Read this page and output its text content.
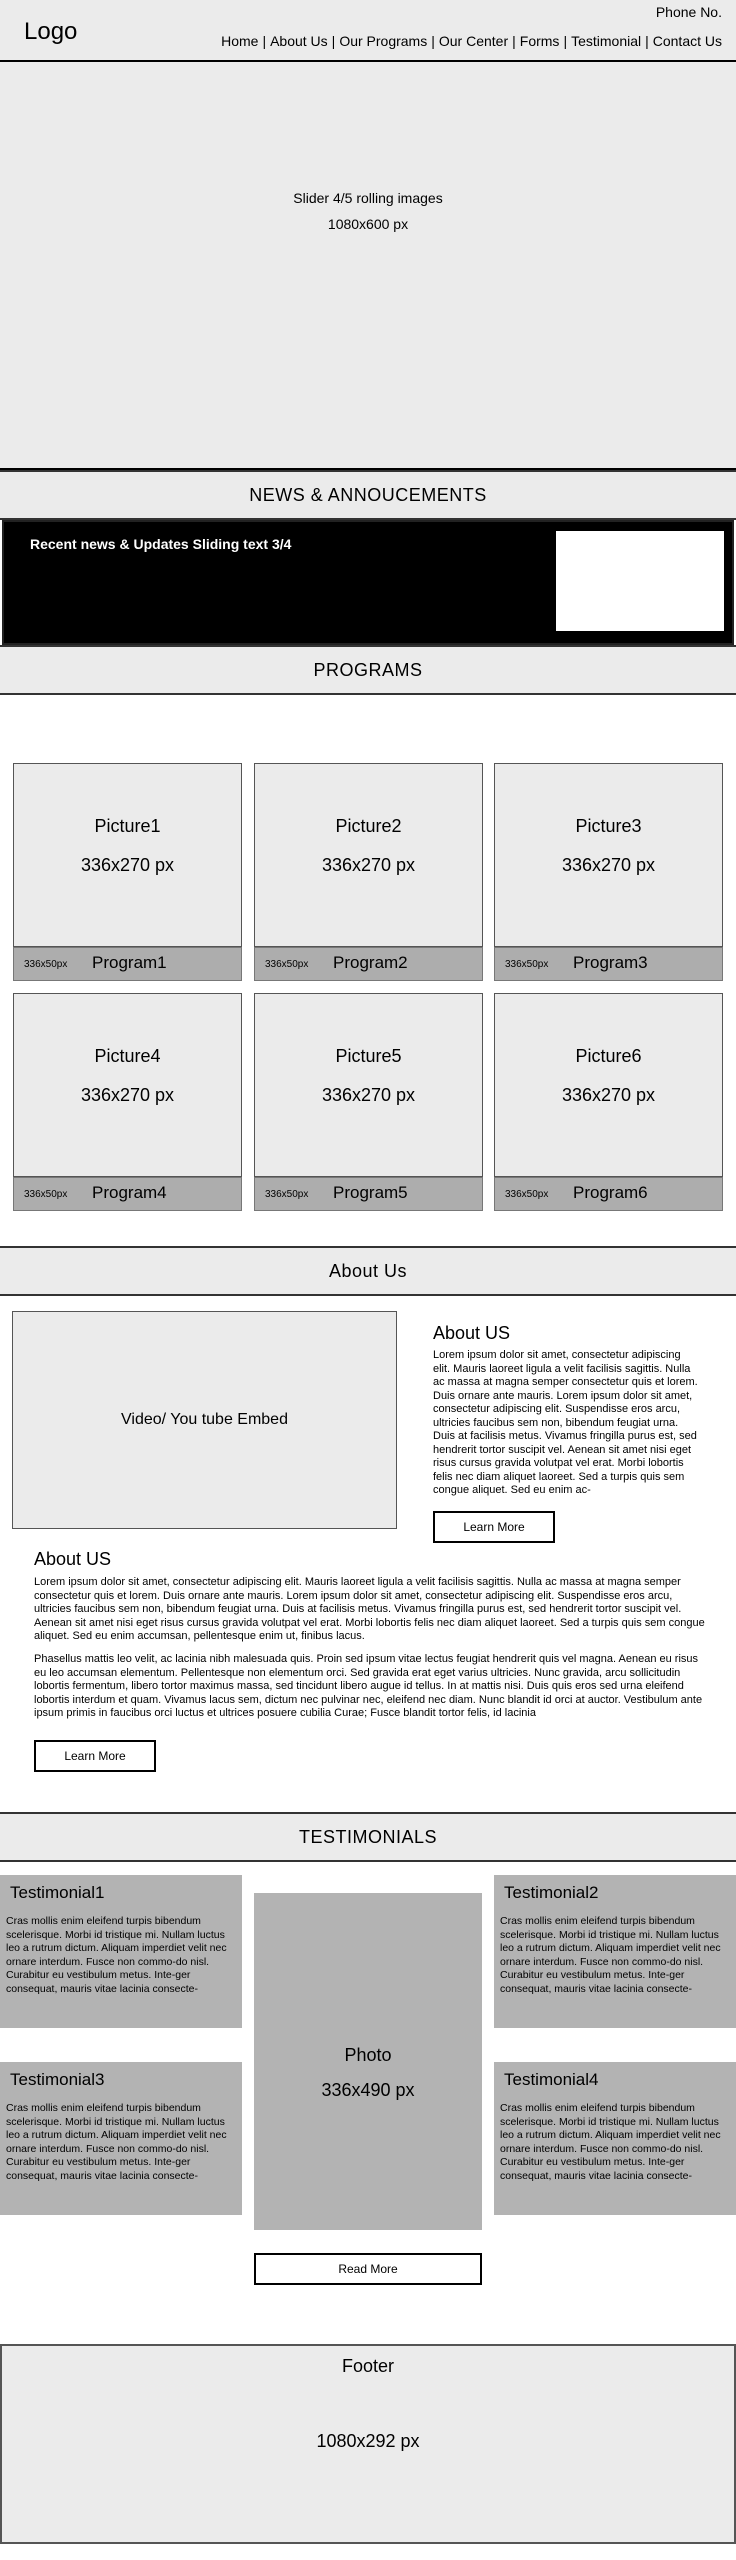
Logo
Phone No.
Home | About Us | Our Programs | Our Center | Forms | Testimonial | Contact Us
Slider 4/5 rolling images
1080x600 px
NEWS & ANNOUCEMENTS
Recent news & Updates Sliding text 3/4
PROGRAMS
Picture1
336x270 px
336x50px Program1
Picture2
336x270 px
336x50px Program2
Picture3
336x270 px
336x50px Program3
Picture4
336x270 px
336x50px Program4
Picture5
336x270 px
336x50px Program5
Picture6
336x270 px
336x50px Program6
About Us
Video/ You tube Embed
About US
Lorem ipsum dolor sit amet, consectetur adipiscing elit. Mauris laoreet ligula a velit facilisis sagittis. Nulla ac massa at magna semper consectetur quis et lorem. Duis ornare ante mauris. Lorem ipsum dolor sit amet, consectetur adipiscing elit. Suspendisse eros arcu, ultricies faucibus sem non, bibendum feugiat urna. Duis at facilisis metus. Vivamus fringilla purus est, sed hendrerit tortor suscipit vel. Aenean sit amet nisi eget risus cursus gravida volutpat vel erat. Morbi lobortis felis nec diam aliquet laoreet. Sed a turpis quis sem congue aliquet. Sed eu enim ac-
Learn More
About US
Lorem ipsum dolor sit amet, consectetur adipiscing elit. Mauris laoreet ligula a velit facilisis sagittis. Nulla ac massa at magna semper consectetur quis et lorem. Duis ornare ante mauris. Lorem ipsum dolor sit amet, consectetur adipiscing elit. Suspendisse eros arcu, ultricies faucibus sem non, bibendum feugiat urna. Duis at facilisis metus. Vivamus fringilla purus est, sed hendrerit tortor suscipit vel. Aenean sit amet nisi eget risus cursus gravida volutpat vel erat. Morbi lobortis felis nec diam aliquet laoreet. Sed a turpis quis sem congue aliquet. Sed eu enim accumsan, pellentesque enim ut, finibus lacus.
Phasellus mattis leo velit, ac lacinia nibh malesuada quis. Proin sed ipsum vitae lectus feugiat hendrerit quis vel magna. Aenean eu risus eu leo accumsan elementum. Pellentesque non elementum orci. Sed gravida erat eget varius ultricies. Nunc gravida, arcu sollicitudin lobortis fermentum, libero tortor maximus massa, sed tincidunt libero augue id tellus. In at mattis nisi. Duis quis eros sed urna eleifend lobortis interdum et quam. Vivamus lacus sem, dictum nec pulvinar nec, eleifend nec diam. Nunc blandit id orci at auctor. Vestibulum ante ipsum primis in faucibus orci luctus et ultrices posuere cubilia Curae; Fusce blandit tortor felis, id lacinia
Learn More
TESTIMONIALS
Testimonial1
Cras mollis enim eleifend turpis bibendum scelerisque. Morbi id tristique mi. Nullam luctus leo a rutrum dictum. Aliquam imperdiet velit nec ornare interdum. Fusce non commo-do nisl. Curabitur eu vestibulum metus. Inte-ger consequat, mauris vitae lacinia consecte-
Testimonial2
Cras mollis enim eleifend turpis bibendum scelerisque. Morbi id tristique mi. Nullam luctus leo a rutrum dictum. Aliquam imperdiet velit nec ornare interdum. Fusce non commo-do nisl. Curabitur eu vestibulum metus. Inte-ger consequat, mauris vitae lacinia consecte-
Testimonial3
Cras mollis enim eleifend turpis bibendum scelerisque. Morbi id tristique mi. Nullam luctus leo a rutrum dictum. Aliquam imperdiet velit nec ornare interdum. Fusce non commo-do nisl. Curabitur eu vestibulum metus. Inte-ger consequat, mauris vitae lacinia consecte-
Testimonial4
Cras mollis enim eleifend turpis bibendum scelerisque. Morbi id tristique mi. Nullam luctus leo a rutrum dictum. Aliquam imperdiet velit nec ornare interdum. Fusce non commo-do nisl. Curabitur eu vestibulum metus. Inte-ger consequat, mauris vitae lacinia consecte-
Photo
336x490 px
Read More
Footer
1080x292 px
